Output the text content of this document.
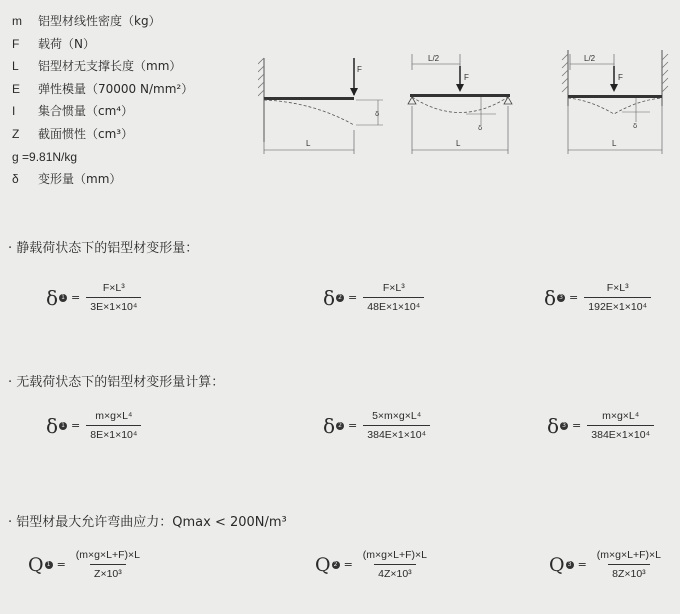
m	铝型材线性密度（kg）
F	载荷（N）
L	铝型材无支撑长度（mm）
E	弹性模量（70000 N/mm²）
I	集合惯量（cm⁴）
Z	截面惯性（cm³）
g =9.81N/kg
δ	变形量（mm）
F
δ
L
L/2
F
δ
L
L/2
F
δ
L
· 静载荷状态下的铝型材变形量：
δ $1 = \frac{\text{F×L³}}{\text{3E×1×10⁴}}$	δ $2 = \frac{\text{F×L³}}{\text{48E×1×10⁴}}$	δ $3 = \frac{\text{F×L³}}{\text{192E×1×10⁴}}$
· 无载荷状态下的铝型材变形量计算：
δ $1 = \frac{\text{m×g×L⁴}}{\text{8E×1×10⁴}}$	δ $2 = \frac{\text{5×m×g×L⁴}}{\text{384E×1×10⁴}}$	δ $3 = \frac{\text{m×g×L⁴}}{\text{384E×1×10⁴}}$
· 铝型材最大允许弯曲应力：Qmax < 200N/m³
Q $1 = \frac{(m\times g\times L+F)\times L}{\text{Z×10³}}$	Q $2 = \frac{(m\times g\times L+F)\times L}{\text{4Z×10³}}$	Q $3 = \frac{(m\times g\times L+F)\times L}{\text{8Z×10³}}$
